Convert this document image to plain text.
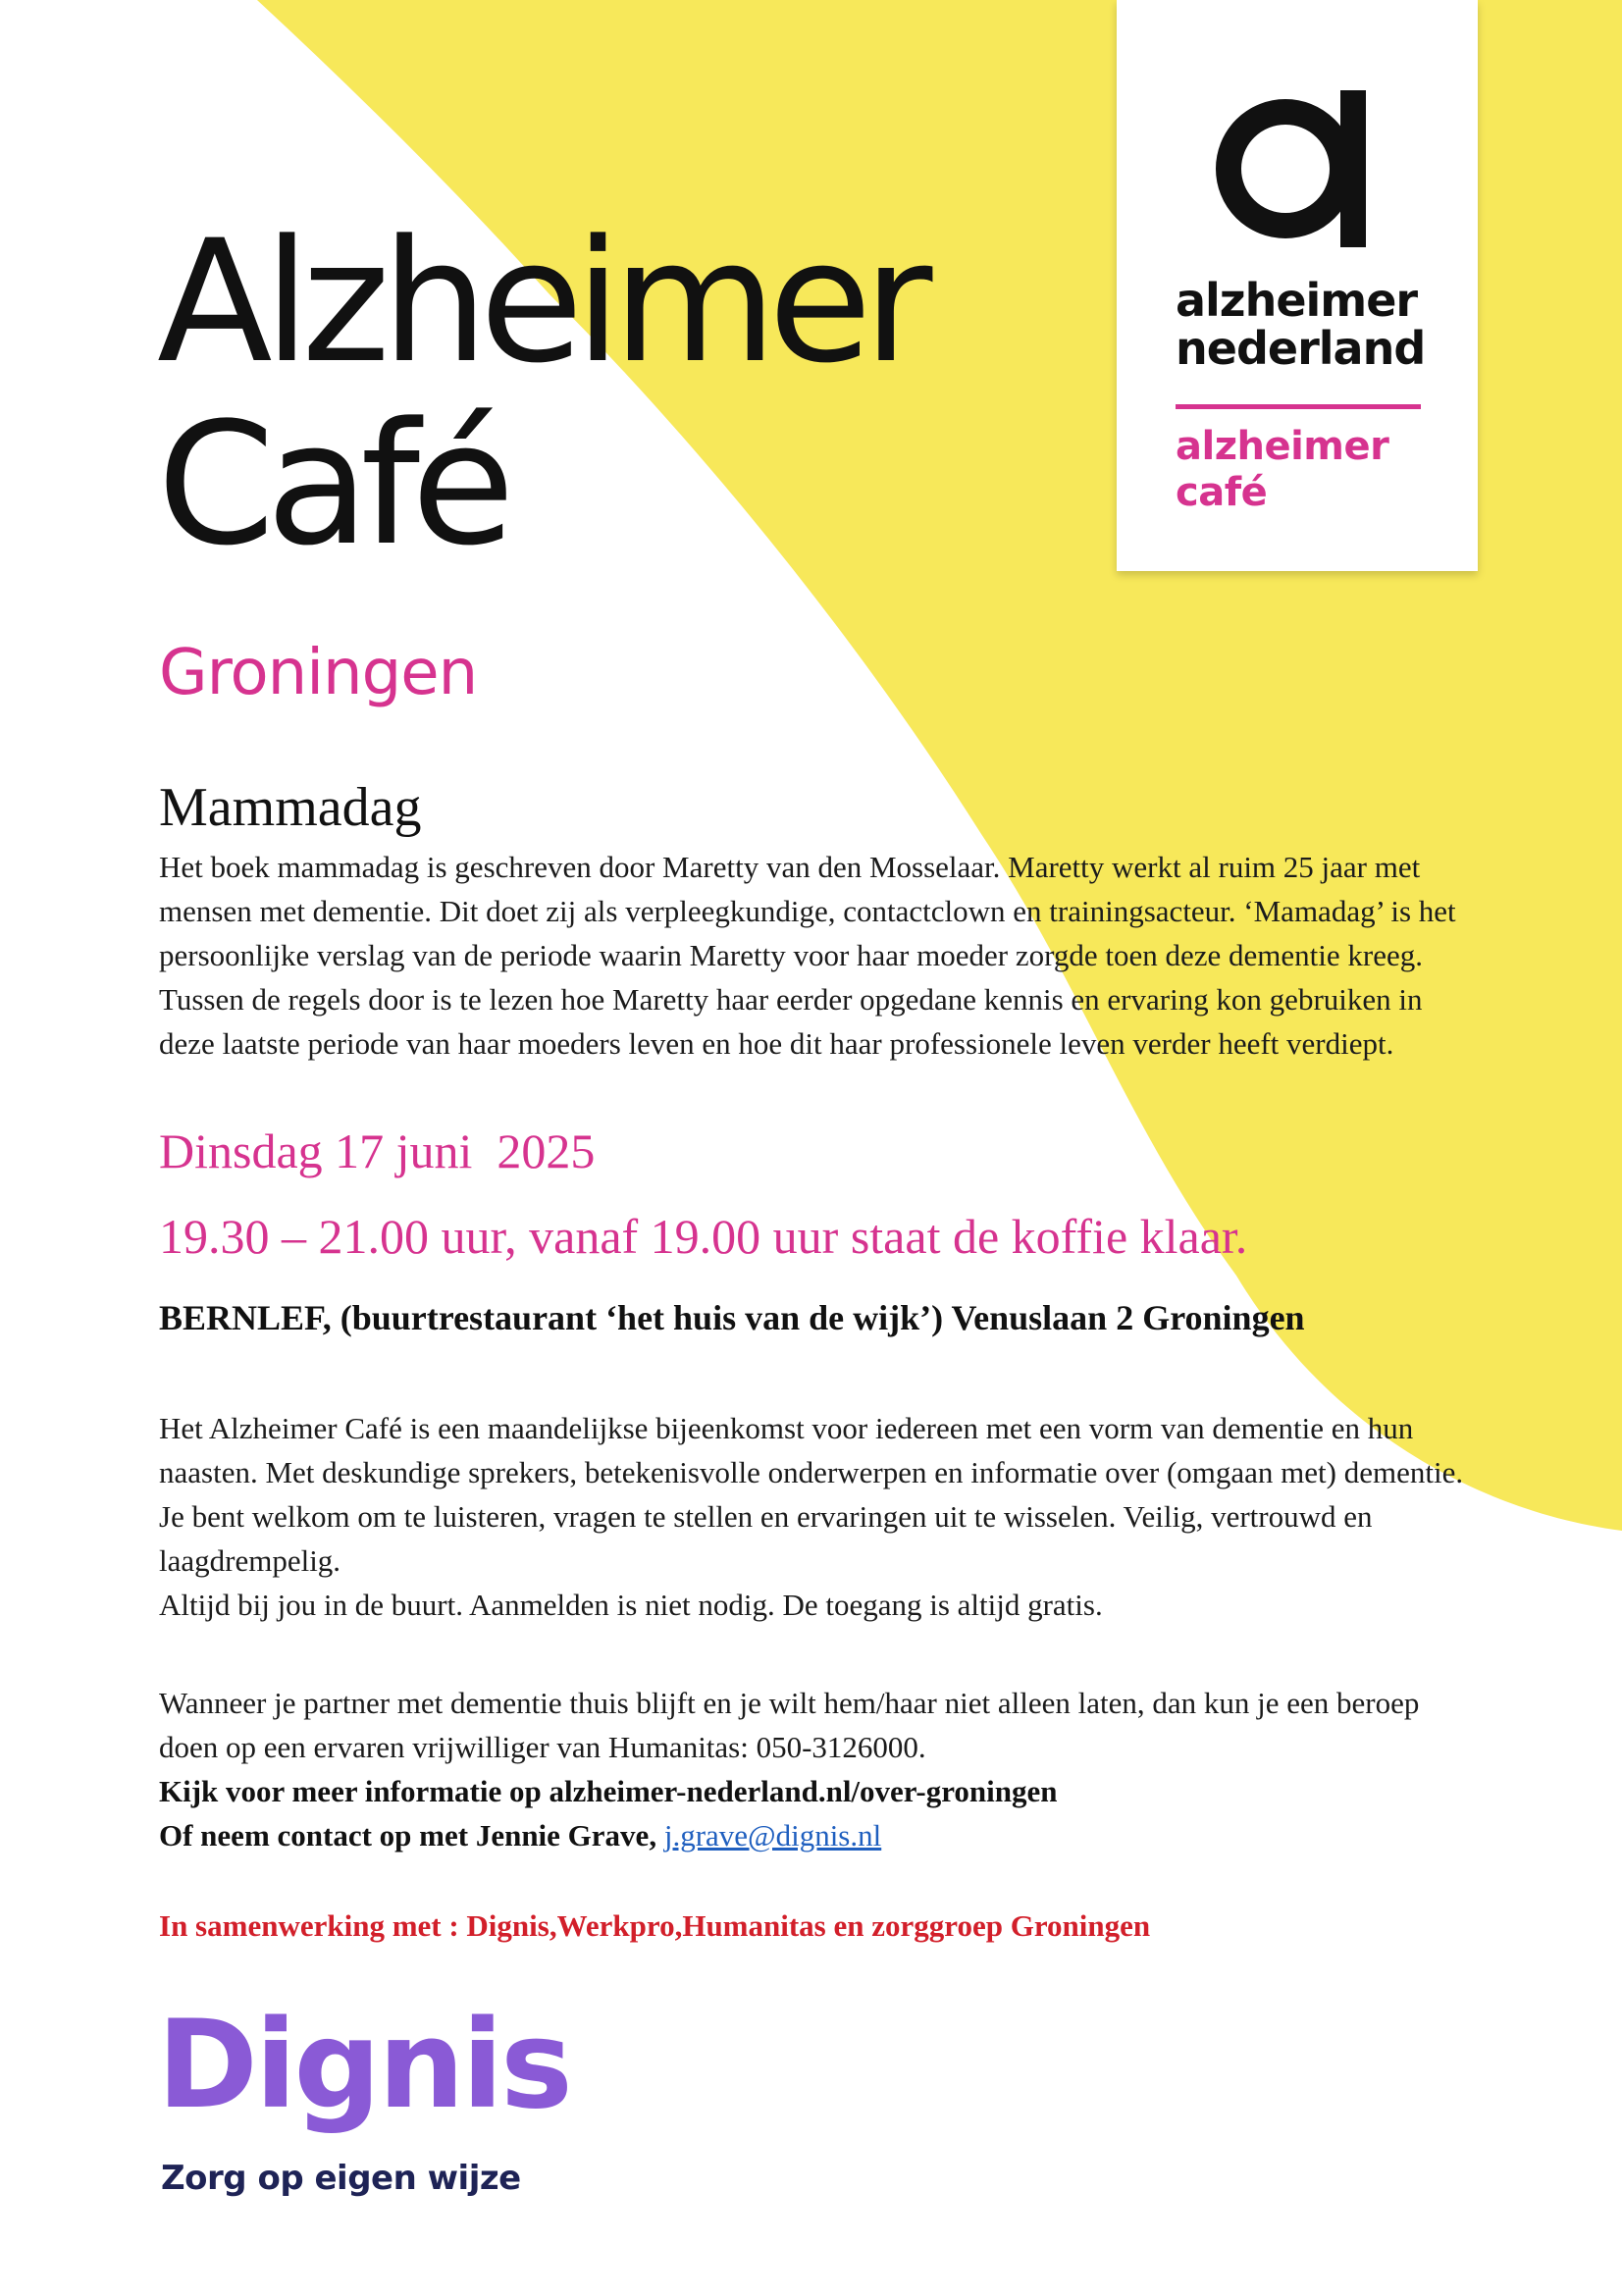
Alzheimer
Café
Groningen
alzheimer
nederland
alzheimer
café
Mammadag
Het boek mammadag is geschreven door Maretty van den Mosselaar. Maretty werkt al ruim 25 jaar met mensen met dementie. Dit doet zij als verpleegkundige, contactclown en trainingsacteur. ‘Mamadag’ is het persoonlijke verslag van de periode waarin Maretty voor haar moeder zorgde toen deze dementie kreeg. Tussen de regels door is te lezen hoe Maretty haar eerder opgedane kennis en ervaring kon gebruiken in deze laatste periode van haar moeders leven en hoe dit haar professionele leven verder heeft verdiept.
Dinsdag 17 juni  2025
19.30 – 21.00 uur, vanaf 19.00 uur staat de koffie klaar.
BERNLEF, (buurtrestaurant ‘het huis van de wijk’) Venuslaan 2 Groningen
Het Alzheimer Café is een maandelijkse bijeenkomst voor iedereen met een vorm van dementie en hun naasten. Met deskundige sprekers, betekenisvolle onderwerpen en informatie over (omgaan met) dementie. Je bent welkom om te luisteren, vragen te stellen en ervaringen uit te wisselen. Veilig, vertrouwd en laagdrempelig.
Altijd bij jou in de buurt. Aanmelden is niet nodig. De toegang is altijd gratis.
Wanneer je partner met dementie thuis blijft en je wilt hem/haar niet alleen laten, dan kun je een beroep doen op een ervaren vrijwilliger van Humanitas: 050-3126000.
Kijk voor meer informatie op alzheimer-nederland.nl/over-groningen
Of neem contact op met Jennie Grave, j.grave@dignis.nl
In samenwerking met : Dignis,Werkpro,Humanitas en zorggroep Groningen
Dignis
Zorg op eigen wijze
